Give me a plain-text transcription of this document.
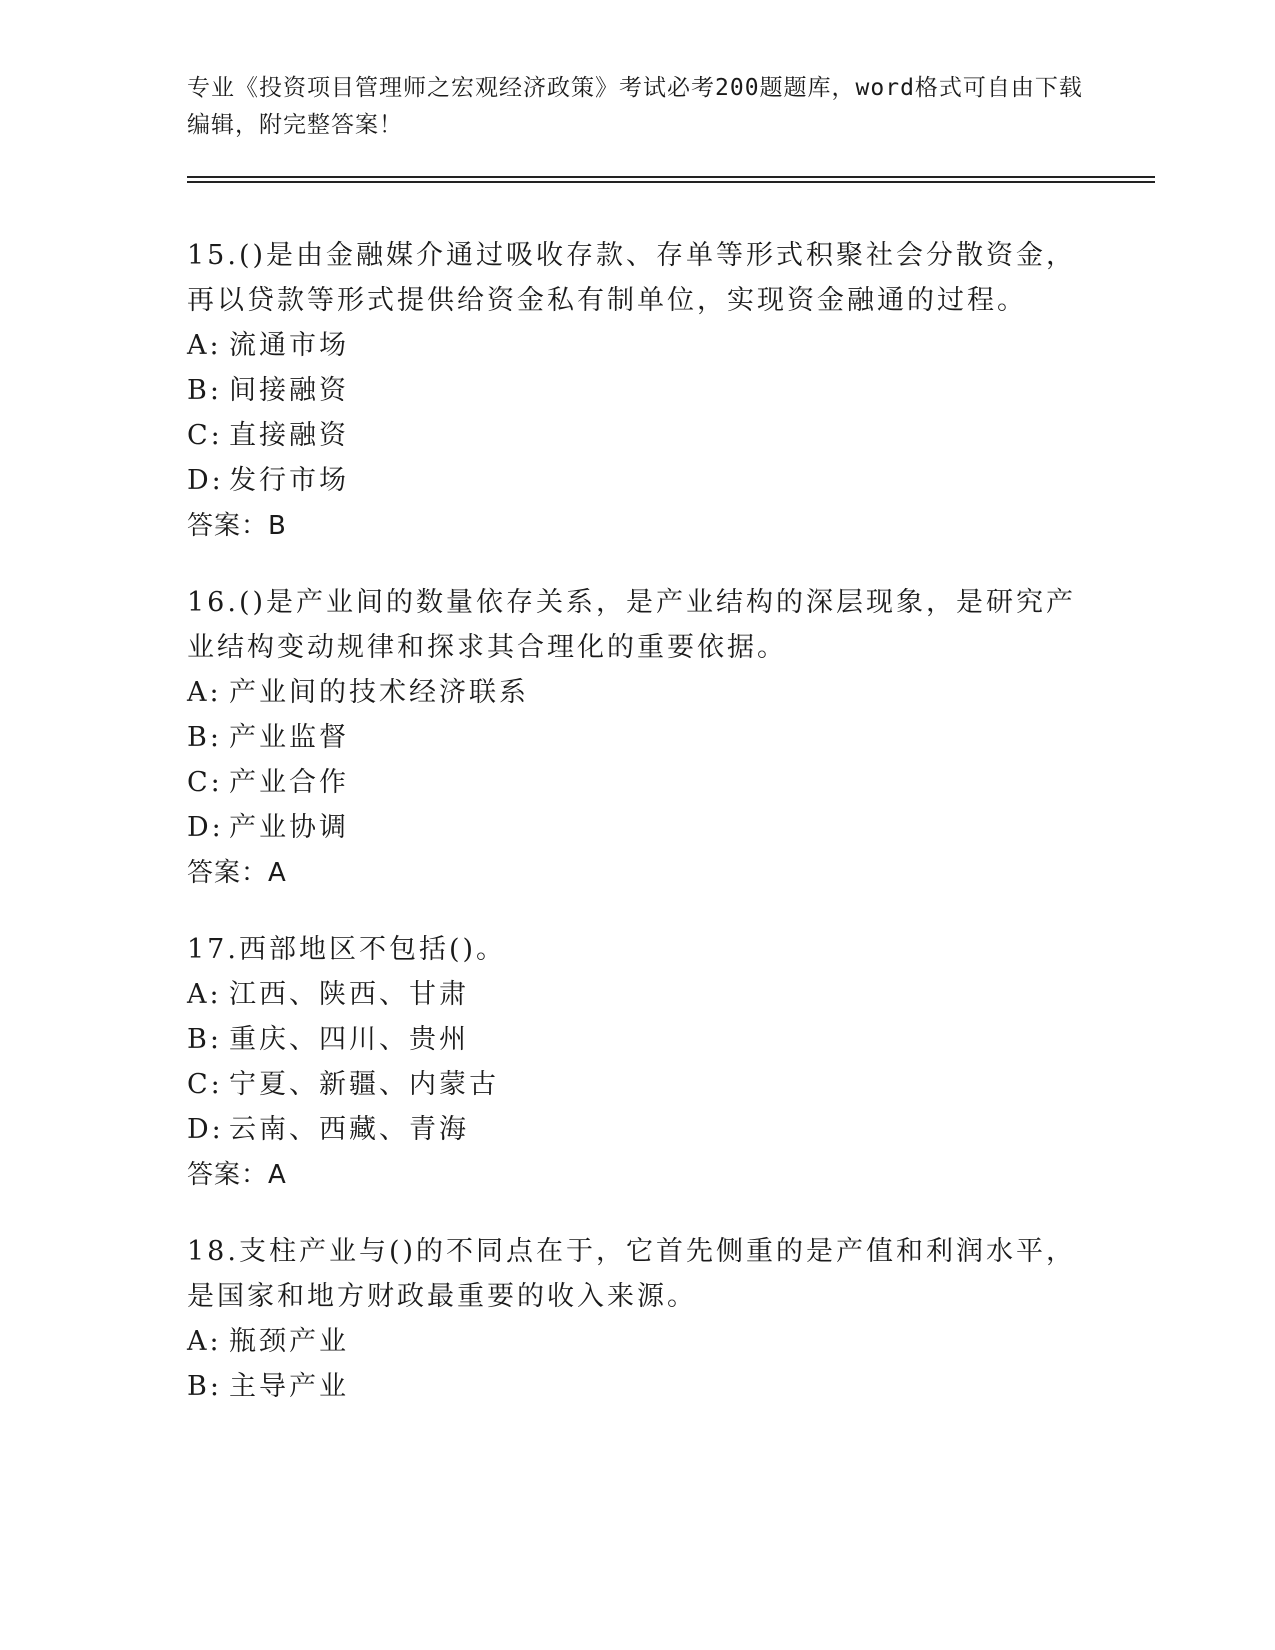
专业《投资项目管理师之宏观经济政策》考试必考200题题库，word格式可自由下载编辑，附完整答案！
15.()是由金融媒介通过吸收存款、存单等形式积聚社会分散资金，再以贷款等形式提供给资金私有制单位，实现资金融通的过程。
A: 流通市场
B: 间接融资
C: 直接融资
D: 发行市场
答案：B
16.()是产业间的数量依存关系，是产业结构的深层现象，是研究产业结构变动规律和探求其合理化的重要依据。
A: 产业间的技术经济联系
B: 产业监督
C: 产业合作
D: 产业协调
答案：A
17.西部地区不包括()。
A: 江西、陕西、甘肃
B: 重庆、四川、贵州
C: 宁夏、新疆、内蒙古
D: 云南、西藏、青海
答案：A
18.支柱产业与()的不同点在于，它首先侧重的是产值和利润水平，是国家和地方财政最重要的收入来源。
A: 瓶颈产业
B: 主导产业
